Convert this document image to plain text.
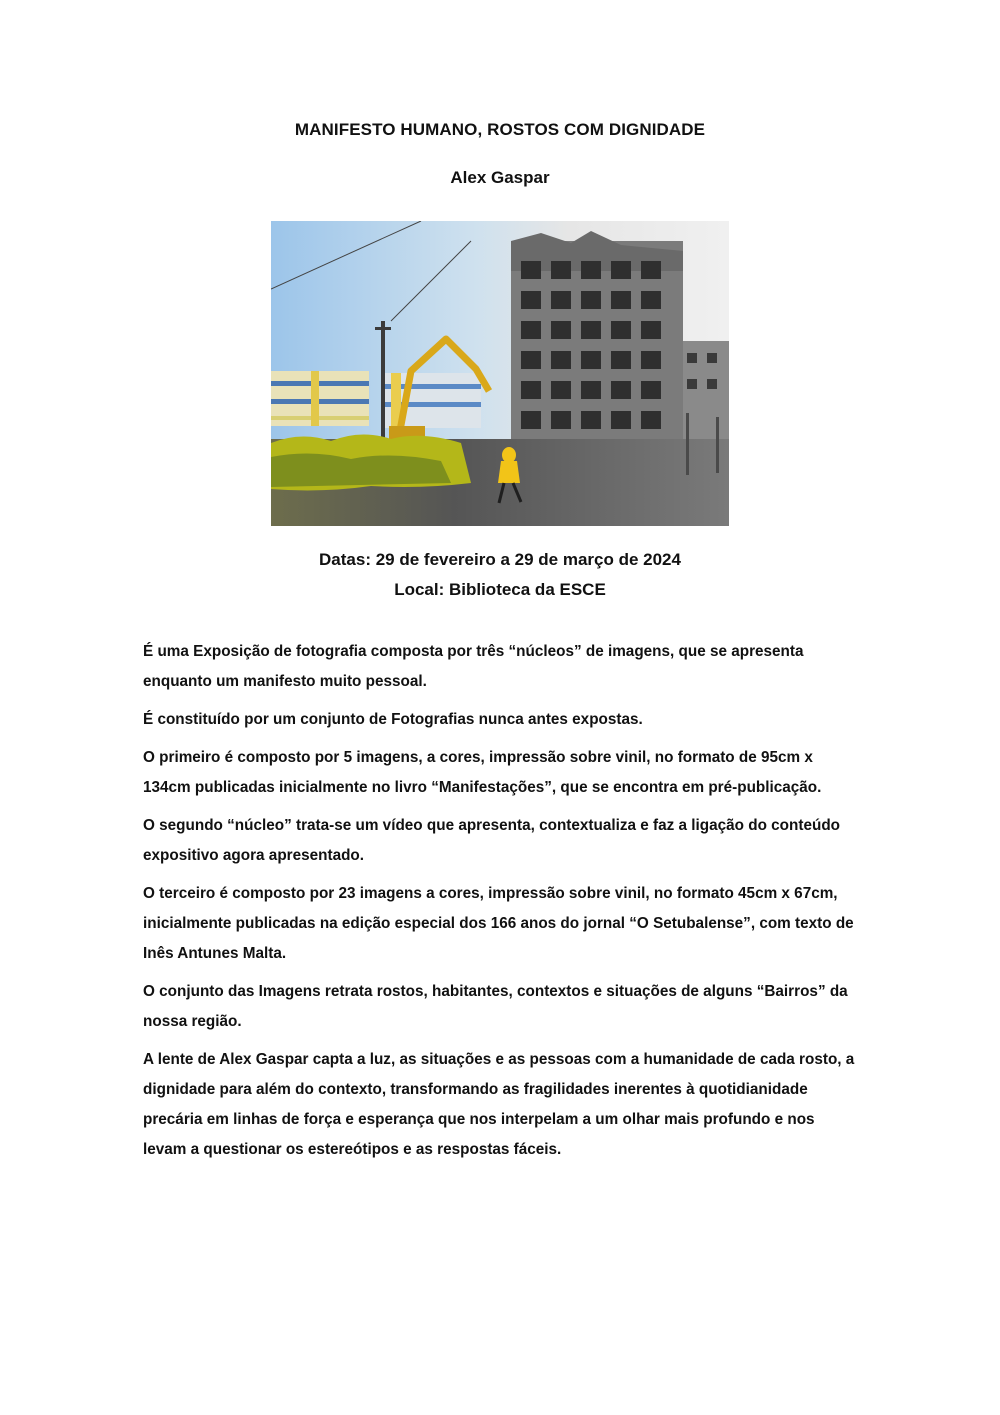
MANIFESTO HUMANO, ROSTOS COM DIGNIDADE
Alex Gaspar
Datas: 29 de fevereiro a 29 de março de 2024
Local: Biblioteca da ESCE

É uma Exposição de fotografia composta por três “núcleos” de imagens, que se apresenta enquanto um manifesto muito pessoal.

É constituído por um conjunto de Fotografias nunca antes expostas.

O primeiro é composto por 5 imagens, a cores, impressão sobre vinil, no formato de 95cm x 134cm publicadas inicialmente no livro “Manifestações”, que se encontra em pré-publicação.

O segundo “núcleo” trata-se um vídeo que apresenta, contextualiza e faz a ligação do conteúdo expositivo agora apresentado.

O terceiro é composto por 23 imagens a cores, impressão sobre vinil, no formato 45cm x 67cm, inicialmente publicadas na edição especial dos 166 anos do jornal “O Setubalense”, com texto de Inês Antunes Malta.

O conjunto das Imagens retrata rostos, habitantes, contextos e situações de alguns “Bairros” da nossa região.

A lente de Alex Gaspar capta a luz, as situações e as pessoas com a humanidade de cada rosto, a dignidade para além do contexto, transformando as fragilidades inerentes à quotidianidade precária em linhas de força e esperança que nos interpelam a um olhar mais profundo e nos levam a questionar os estereótipos e as respostas fáceis.
